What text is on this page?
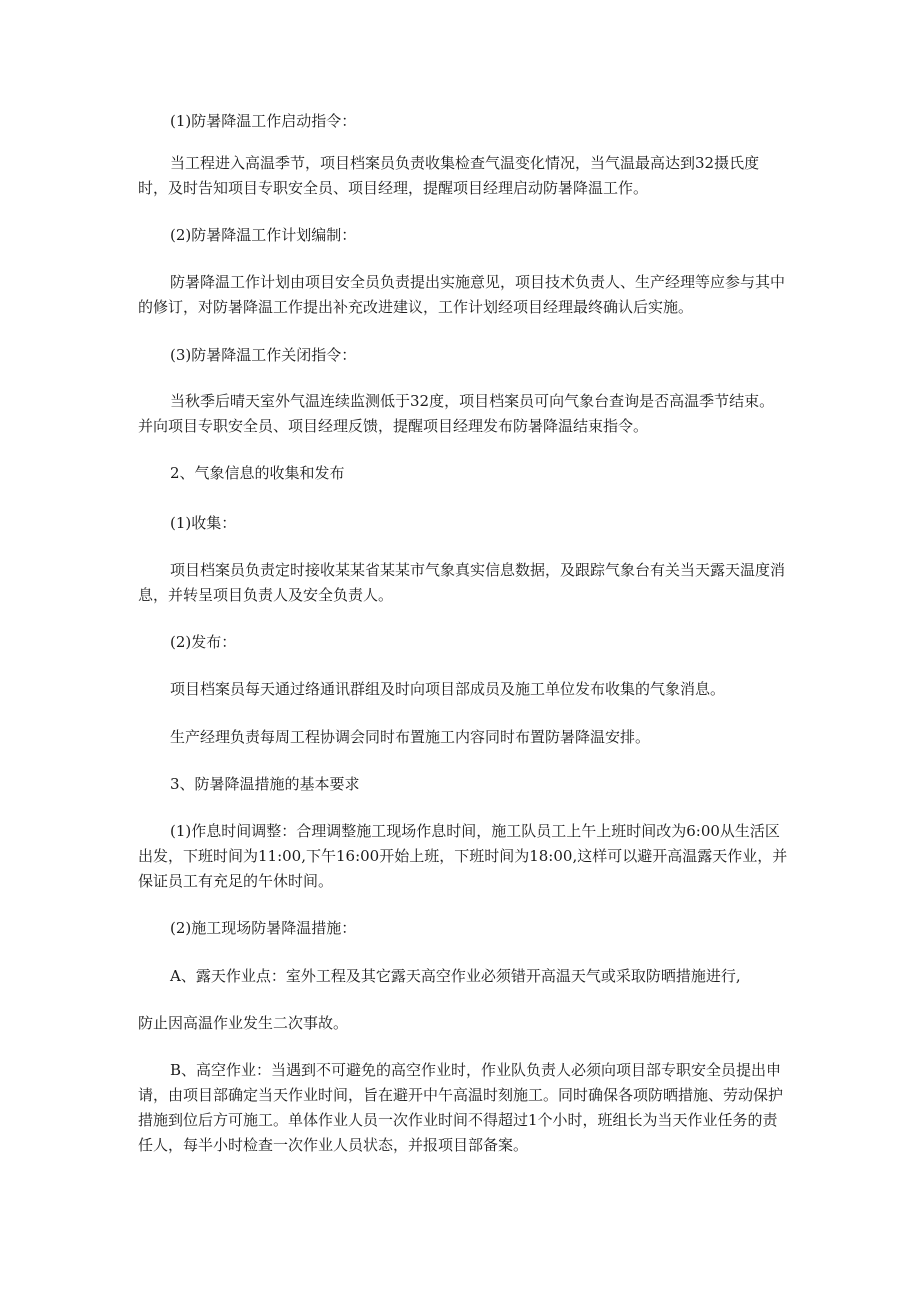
(1)防暑降温工作启动指令：

当工程进入高温季节，项目档案员负责收集检查气温变化情况，当气温最高达到32摄氏度时，及时告知项目专职安全员、项目经理，提醒项目经理启动防暑降温工作。

(2)防暑降温工作计划编制：

防暑降温工作计划由项目安全员负责提出实施意见，项目技术负责人、生产经理等应参与其中的修订，对防暑降温工作提出补充改进建议，工作计划经项目经理最终确认后实施。

(3)防暑降温工作关闭指令：

当秋季后晴天室外气温连续监测低于32度，项目档案员可向气象台查询是否高温季节结束。并向项目专职安全员、项目经理反馈，提醒项目经理发布防暑降温结束指令。

2、气象信息的收集和发布

(1)收集：

项目档案员负责定时接收某某省某某市气象真实信息数据，及跟踪气象台有关当天露天温度消息，并转呈项目负责人及安全负责人。

(2)发布：

项目档案员每天通过络通讯群组及时向项目部成员及施工单位发布收集的气象消息。

生产经理负责每周工程协调会同时布置施工内容同时布置防暑降温安排。

3、防暑降温措施的基本要求

(1)作息时间调整：合理调整施工现场作息时间，施工队员工上午上班时间改为6:00从生活区出发，下班时间为11:00,下午16:00开始上班，下班时间为18:00,这样可以避开高温露天作业，并保证员工有充足的午休时间。

(2)施工现场防暑降温措施：

A、露天作业点：室外工程及其它露天高空作业必须错开高温天气或采取防晒措施进行,

防止因高温作业发生二次事故。

B、高空作业：当遇到不可避免的高空作业时，作业队负责人必须向项目部专职安全员提出申请，由项目部确定当天作业时间，旨在避开中午高温时刻施工。同时确保各项防晒措施、劳动保护措施到位后方可施工。单体作业人员一次作业时间不得超过1个小时，班组长为当天作业任务的责任人，每半小时检查一次作业人员状态，并报项目部备案。
